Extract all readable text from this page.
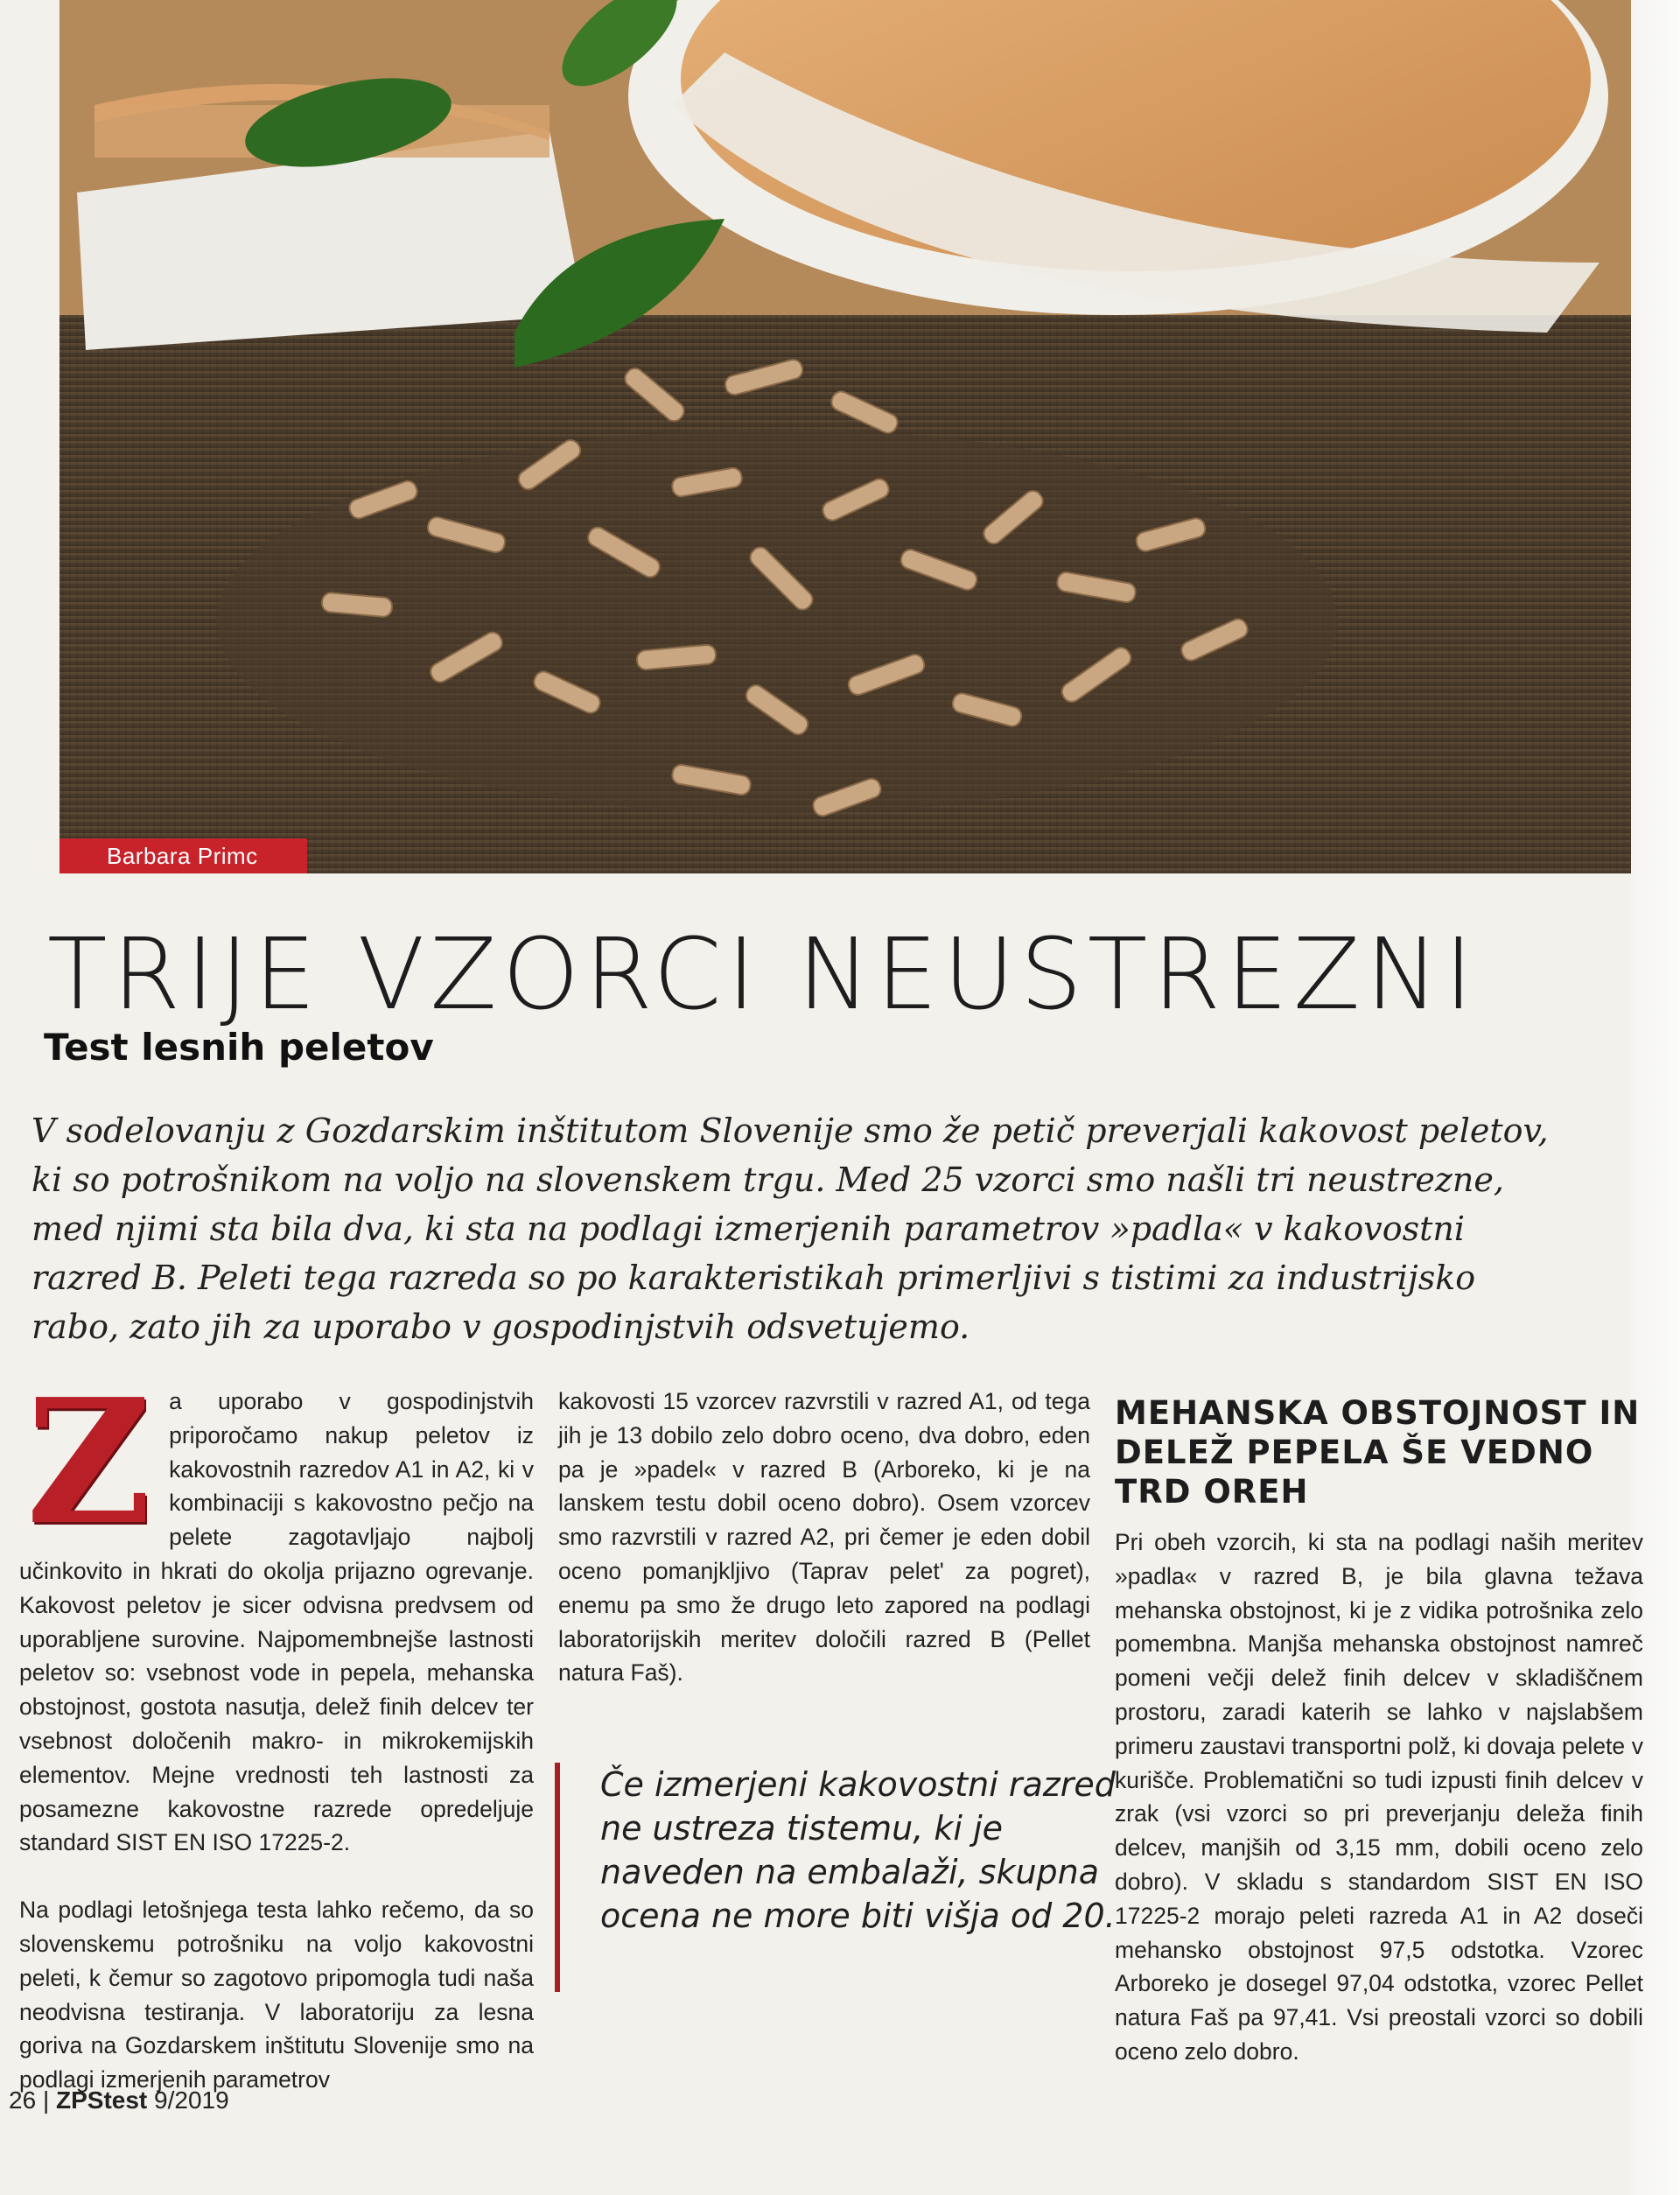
Barbara Primc
TRIJE VZORCI NEUSTREZNI
Test lesnih peletov

V sodelovanju z Gozdarskim inštitutom Slovenije smo že petič preverjali kakovost peletov, ki so potrošnikom na voljo na slovenskem trgu. Med 25 vzorci smo našli tri neustrezne, med njimi sta bila dva, ki sta na podlagi izmerjenih parametrov »padla« v kakovostni razred B. Peleti tega razreda so po karakteristikah primerljivi s tistimi za industrijsko rabo, zato jih za uporabo v gospodinjstvih odsvetujemo.

Za uporabo v gospodinjstvih priporočamo nakup peletov iz kakovostnih razredov A1 in A2, ki v kombinaciji s kakovostno pečjo na pelete zagotavljajo najbolj učinkovito in hkrati do okolja prijazno ogrevanje. Kakovost peletov je sicer odvisna predvsem od uporabljene surovine. Najpomembnejše lastnosti peletov so: vsebnost vode in pepela, mehanska obstojnost, gostota nasutja, delež finih delcev ter vsebnost določenih makro- in mikrokemijskih elementov. Mejne vrednosti teh lastnosti za posamezne kakovostne razrede opredeljuje standard SIST EN ISO 17225-2.

Na podlagi letošnjega testa lahko rečemo, da so slovenskemu potrošniku na voljo kakovostni peleti, k čemur so zagotovo pripomogla tudi naša neodvisna testiranja. V laboratoriju za lesna goriva na Gozdarskem inštitutu Slovenije smo na podlagi izmerjenih parametrov

kakovosti 15 vzorcev razvrstili v razred A1, od tega jih je 13 dobilo zelo dobro oceno, dva dobro, eden pa je »padel« v razred B (Arboreko, ki je na lanskem testu dobil oceno dobro). Osem vzorcev smo razvrstili v razred A2, pri čemer je eden dobil oceno pomanjkljivo (Taprav pelet' za pogret), enemu pa smo že drugo leto zapored na podlagi laboratorijskih meritev določili razred B (Pellet natura Faš).

Če izmerjeni kakovostni razred ne ustreza tistemu, ki je naveden na embalaži, skupna ocena ne more biti višja od 20.
MEHANSKA OBSTOJNOST IN DELEŽ PEPELA ŠE VEDNO TRD OREH

Pri obeh vzorcih, ki sta na podlagi naših meritev »padla« v razred B, je bila glavna težava mehanska obstojnost, ki je z vidika potrošnika zelo pomembna. Manjša mehanska obstojnost namreč pomeni večji delež finih delcev v skladiščnem prostoru, zaradi katerih se lahko v najslabšem primeru zaustavi transportni polž, ki dovaja pelete v kurišče. Problematični so tudi izpusti finih delcev v zrak (vsi vzorci so pri preverjanju deleža finih delcev, manjših od 3,15 mm, dobili oceno zelo dobro). V skladu s standardom SIST EN ISO 17225-2 morajo peleti razreda A1 in A2 doseči mehansko obstojnost 97,5 odstotka. Vzorec Arboreko je dosegel 97,04 odstotka, vzorec Pellet natura Faš pa 97,41. Vsi preostali vzorci so dobili oceno zelo dobro.

26 | ZPStest 9/2019
